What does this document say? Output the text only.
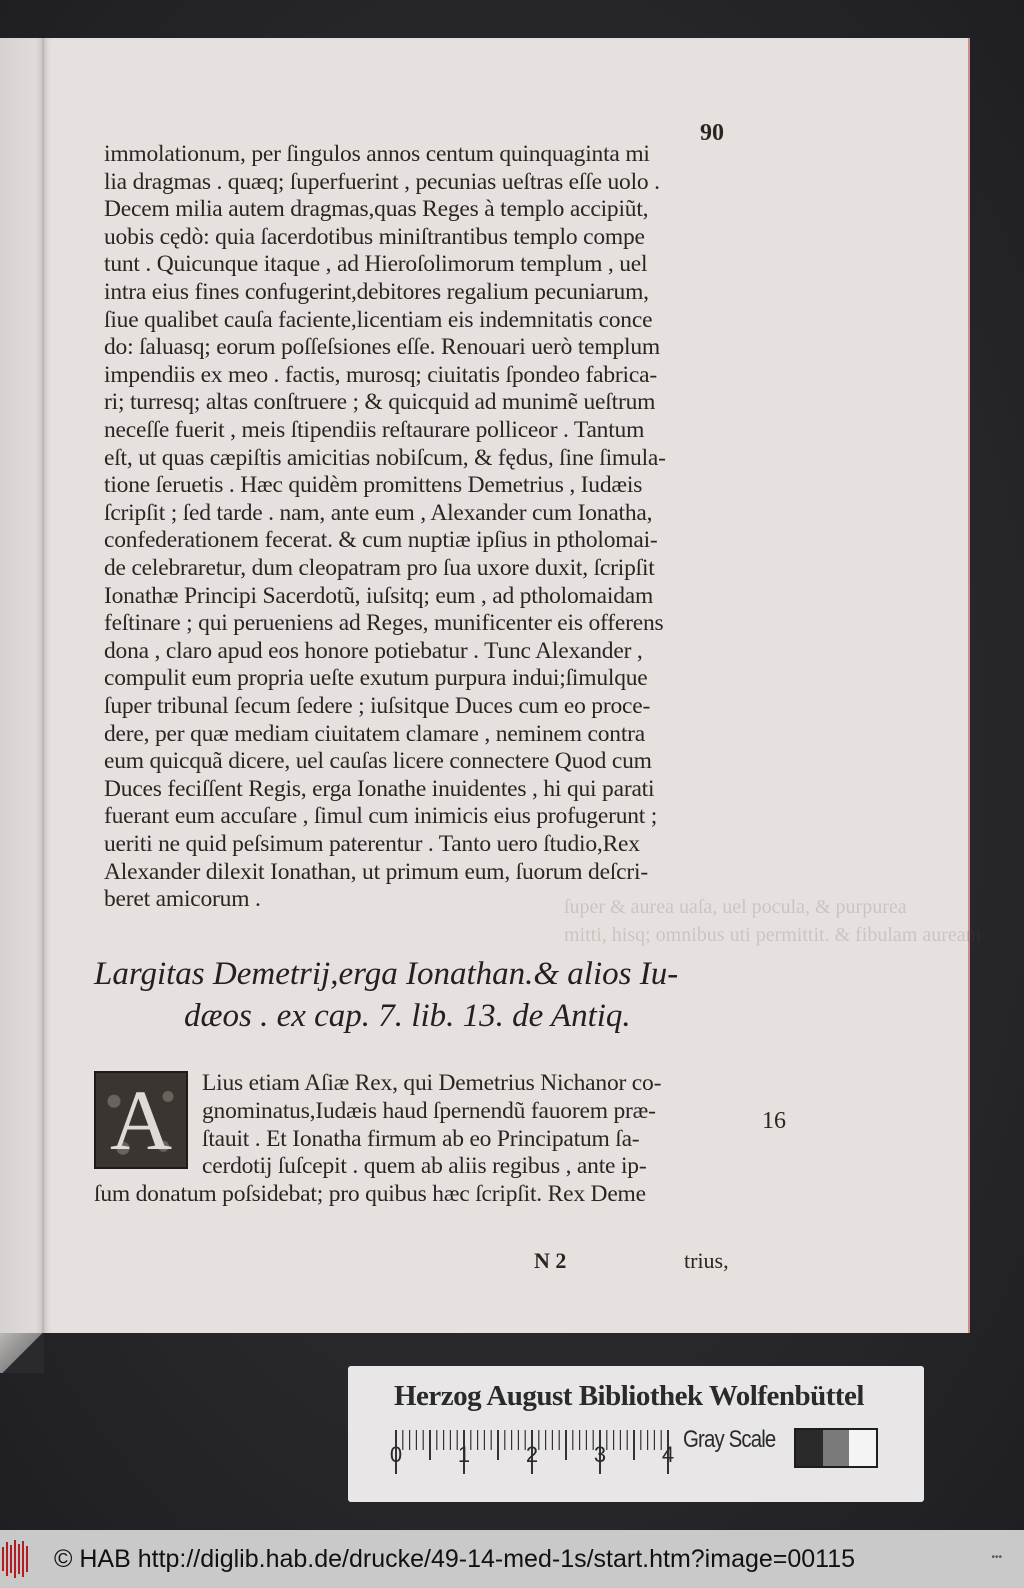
90
immolationum, per ſingulos annos centum quinquaginta mi
lia dragmas . quæq; ſuperfuerint , pecunias ueſtras eſſe uolo .
Decem milia autem dragmas,quas Reges à templo accipiũt,
uobis cędò: quia ſacerdotibus miniſtrantibus templo compe
tunt . Quicunque itaque , ad Hieroſolimorum templum , uel
intra eius fines confugerint,debitores regalium pecuniarum,
ſiue qualibet cauſa faciente,licentiam eis indemnitatis conce
do: ſaluasq; eorum poſſeſsiones eſſe. Renouari uerò templum
impendiis ex meo . factis, murosq; ciuitatis ſpondeo fabrica-
ri; turresq; altas conſtruere ; & quicquid ad munimẽ ueſtrum
neceſſe fuerit , meis ſtipendiis reſtaurare polliceor . Tantum
eſt, ut quas cæpiſtis amicitias nobiſcum, & fędus, ſine ſimula-
tione ſeruetis . Hæc quidèm promittens Demetrius , Iudæis
ſcripſit ; ſed tarde . nam, ante eum , Alexander cum Ionatha,
confederationem fecerat. & cum nuptiæ ipſius in ptholomai-
de celebraretur, dum cleopatram pro ſua uxore duxit, ſcripſit
Ionathæ Principi Sacerdotũ, iuſsitq; eum , ad ptholomaidam
feſtinare ; qui perueniens ad Reges, munificenter eis offerens
dona , claro apud eos honore potiebatur . Tunc Alexander ,
compulit eum propria ueſte exutum purpura indui;ſimulque
ſuper tribunal ſecum ſedere ; iuſsitque Duces cum eo proce-
dere, per quæ mediam ciuitatem clamare , neminem contra
eum quicquã dicere, uel cauſas licere connectere Quod cum
Duces feciſſent Regis, erga Ionathe inuidentes , hi qui parati
fuerant eum accuſare , ſimul cum inimicis eius profugerunt ;
ueriti ne quid peſsimum paterentur . Tanto uero ſtudio,Rex
Alexander dilexit Ionathan, ut primum eum, ſuorum deſcri-
beret amicorum .
Largitas Demetrij,erga Ionathan.& alios Iu-
dæos . ex cap. 7. lib. 13. de Antiq.
A Lius etiam Aſiæ Rex, qui Demetrius Nichanor co-
gnominatus,Iudæis haud ſpernendũ fauorem præ-
ſtauit . Et Ionatha firmum ab eo Principatum ſa-
cerdotij ſuſcepit . quem ab aliis regibus , ante ip-
ſum donatum poſsidebat; pro quibus hæc ſcripſit. Rex Deme
16
N 2	trius,
ſuper & aurea uaſa, uel pocula, & purpurea
mitti, hisq; omnibus uti permittit. & fibulam auream
Herzog August Bibliothek Wolfenbüttel
0	1	2	3	4
Gray Scale
© HAB http://diglib.hab.de/drucke/49-14-med-1s/start.htm?image=00115	•••
